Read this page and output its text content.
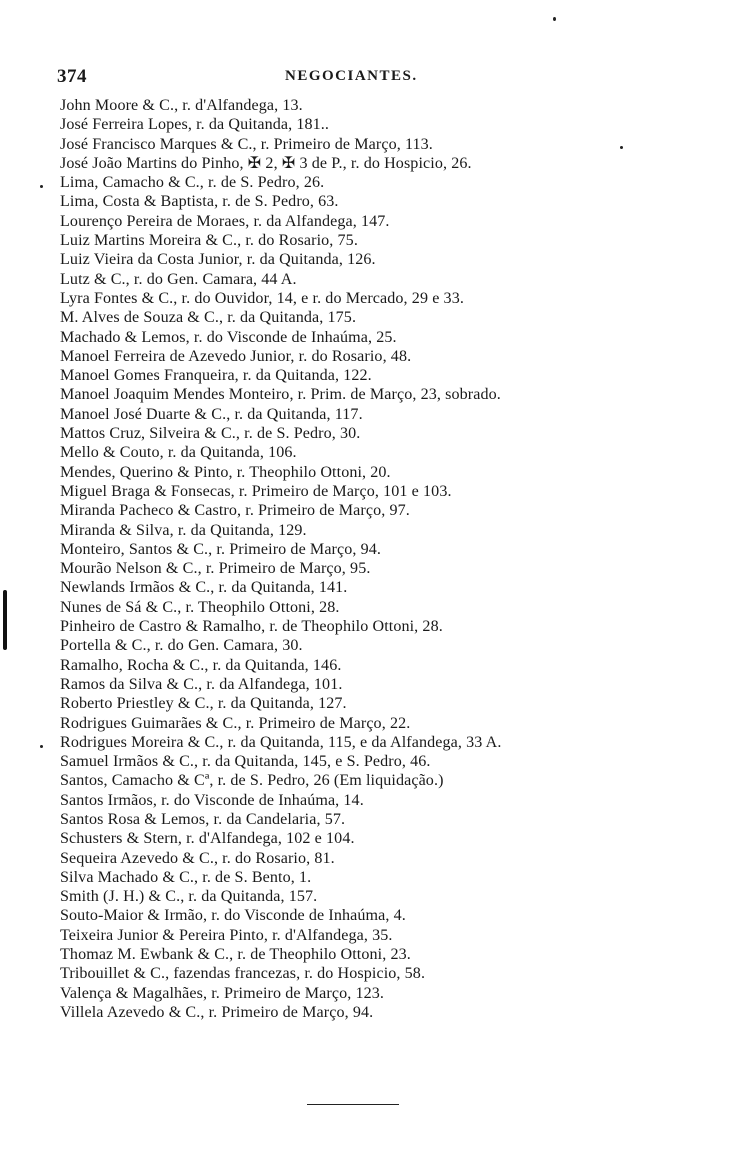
374	NEGOCIANTES.
John Moore & C., r. d'Alfandega, 13.
José Ferreira Lopes, r. da Quitanda, 181..
José Francisco Marques & C., r. Primeiro de Março, 113.
José João Martins do Pinho, ✠ 2, ✠ 3 de P., r. do Hospicio, 26.
Lima, Camacho & C., r. de S. Pedro, 26.
Lima, Costa & Baptista, r. de S. Pedro, 63.
Lourenço Pereira de Moraes, r. da Alfandega, 147.
Luiz Martins Moreira & C., r. do Rosario, 75.
Luiz Vieira da Costa Junior, r. da Quitanda, 126.
Lutz & C., r. do Gen. Camara, 44 A.
Lyra Fontes & C., r. do Ouvidor, 14, e r. do Mercado, 29 e 33.
M. Alves de Souza & C., r. da Quitanda, 175.
Machado & Lemos, r. do Visconde de Inhaúma, 25.
Manoel Ferreira de Azevedo Junior, r. do Rosario, 48.
Manoel Gomes Franqueira, r. da Quitanda, 122.
Manoel Joaquim Mendes Monteiro, r. Prim. de Março, 23, sobrado.
Manoel José Duarte & C., r. da Quitanda, 117.
Mattos Cruz, Silveira & C., r. de S. Pedro, 30.
Mello & Couto, r. da Quitanda, 106.
Mendes, Querino & Pinto, r. Theophilo Ottoni, 20.
Miguel Braga & Fonsecas, r. Primeiro de Março, 101 e 103.
Miranda Pacheco & Castro, r. Primeiro de Março, 97.
Miranda & Silva, r. da Quitanda, 129.
Monteiro, Santos & C., r. Primeiro de Março, 94.
Mourão Nelson & C., r. Primeiro de Março, 95.
Newlands Irmãos & C., r. da Quitanda, 141.
Nunes de Sá & C., r. Theophilo Ottoni, 28.
Pinheiro de Castro & Ramalho, r. de Theophilo Ottoni, 28.
Portella & C., r. do Gen. Camara, 30.
Ramalho, Rocha & C., r. da Quitanda, 146.
Ramos da Silva & C., r. da Alfandega, 101.
Roberto Priestley & C., r. da Quitanda, 127.
Rodrigues Guimarães & C., r. Primeiro de Março, 22.
Rodrigues Moreira & C., r. da Quitanda, 115, e da Alfandega, 33 A.
Samuel Irmãos & C., r. da Quitanda, 145, e S. Pedro, 46.
Santos, Camacho & Cª, r. de S. Pedro, 26 (Em liquidação.)
Santos Irmãos, r. do Visconde de Inhaúma, 14.
Santos Rosa & Lemos, r. da Candelaria, 57.
Schusters & Stern, r. d'Alfandega, 102 e 104.
Sequeira Azevedo & C., r. do Rosario, 81.
Silva Machado & C., r. de S. Bento, 1.
Smith (J. H.) & C., r. da Quitanda, 157.
Souto-Maior & Irmão, r. do Visconde de Inhaúma, 4.
Teixeira Junior & Pereira Pinto, r. d'Alfandega, 35.
Thomaz M. Ewbank & C., r. de Theophilo Ottoni, 23.
Tribouillet & C., fazendas francezas, r. do Hospicio, 58.
Valença & Magalhães, r. Primeiro de Março, 123.
Villela Azevedo & C., r. Primeiro de Março, 94.
